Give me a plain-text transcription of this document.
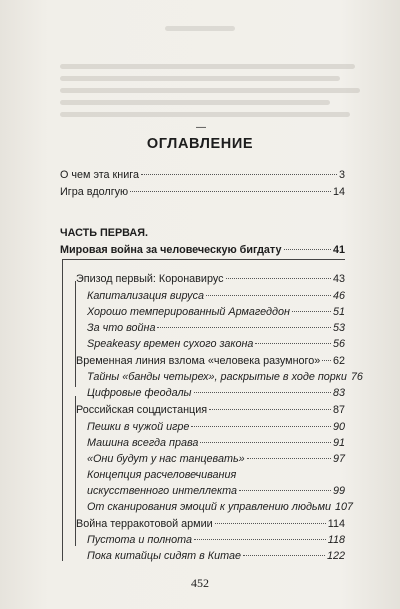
—
ОГЛАВЛЕНИЕ
О чем эта книга	3
Игра вдолгую	14
ЧАСТЬ ПЕРВАЯ.
Мировая война за человеческую бигдату	41
Эпизод первый: Коронавирус	43
Капитализация вируса	46
Хорошо темперированный Армагеддон	51
За что война	53
Speakeasy времен сухого закона	56
Временная линия взлома «человека разумного» 62
Тайны «банды четырех», раскрытые в ходе порки 76
Цифровые феодалы	83
Российская соцдистанция	87
Пешки в чужой игре	90
Машина всегда права	91
«Они будут у нас танцевать»	97
Концепция расчеловечивания
искусственного интеллекта	99
От сканирования эмоций к управлению людьми 107
Война терракотовой армии	114
Пустота и полнота	118
Пока китайцы сидят в Китае	122
452
